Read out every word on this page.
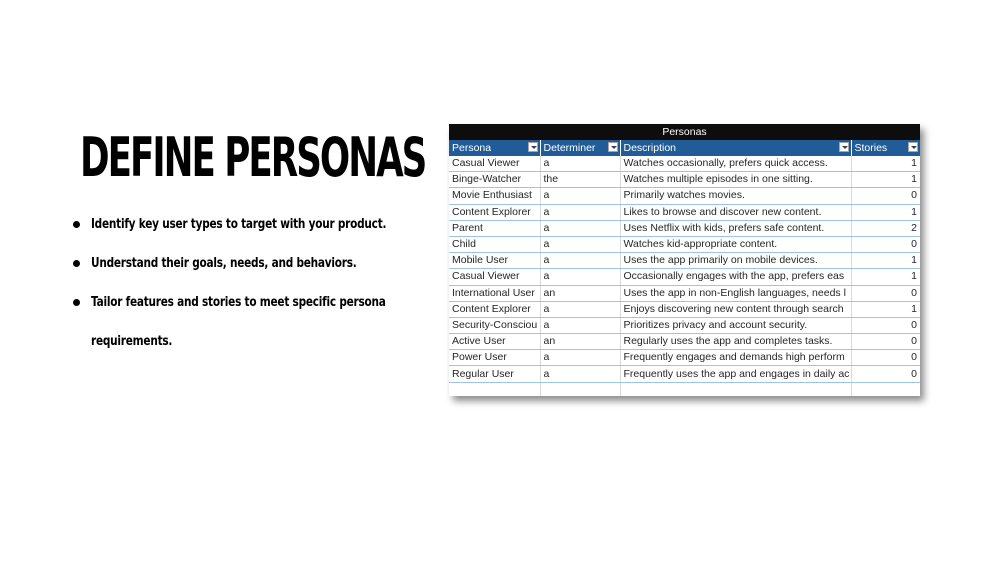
DEFINE PERSONAS
Identify key user types to target with your product.
Understand their goals, needs, and behaviors.
Tailor features and stories to meet specific persona requirements.
Personas
Persona	Determiner	Description	Stories

Casual Viewer	a	Watches occasionally, prefers quick access.	1
Binge-Watcher	the	Watches multiple episodes in one sitting.	1
Movie Enthusiast	a	Primarily watches movies.	0
Content Explorer	a	Likes to browse and discover new content.	1
Parent	a	Uses Netflix with kids, prefers safe content.	2
Child	a	Watches kid-appropriate content.	0
Mobile User	a	Uses the app primarily on mobile devices.	1
Casual Viewer	a	Occasionally engages with the app, prefers eas	1
International User	an	Uses the app in non-English languages, needs l	0
Content Explorer	a	Enjoys discovering new content through search	1
Security-Consciou	a	Prioritizes privacy and account security.	0
Active User	an	Regularly uses the app and completes tasks.	0
Power User	a	Frequently engages and demands high perform	0
Regular User	a	Frequently uses the app and engages in daily ac	0
